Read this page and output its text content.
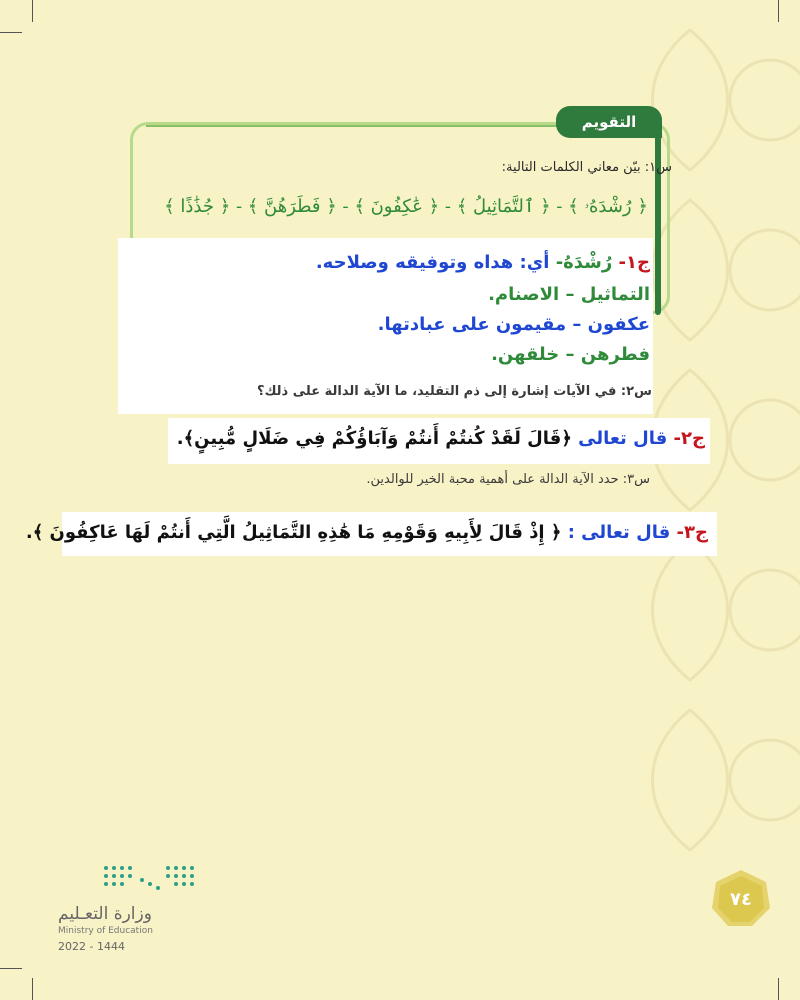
التقويم
س١: بيّن معاني الكلمات التالية:
﴿ رُشْدَهُۥ ﴾ - ﴿ ٱلتَّمَاثِيلُ ﴾ - ﴿ عَٰكِفُونَ ﴾ - ﴿ فَطَرَهُنَّ ﴾ - ﴿ جُذَٰذًا ﴾
ج١- رُشْدَهُ- أي: هداه وتوفيقه وصلاحه.
التماثيل – الاصنام.
عكفون – مقيمون على عبادتها.
فطرهن – خلقهن.
س٢: في الآيات إشارة إلى ذم التقليد، ما الآية الدالة على ذلك؟
ج٢- قال تعالى ﴿قَالَ لَقَدْ كُنتُمْ أَنتُمْ وَآبَاؤُكُمْ فِي ضَلَالٍ مُّبِينٍ﴾.
س٣: حدد الآية الدالة على أهمية محبة الخير للوالدين.
ج٣- قال تعالى : ﴿ إِذْ قَالَ لِأَبِيهِ وَقَوْمِهِ مَا هَٰذِهِ التَّمَاثِيلُ الَّتِي أَنتُمْ لَهَا عَاكِفُونَ ﴾.
وزارة التعـليم
Ministry of Education
2022 - 1444
٧٤
